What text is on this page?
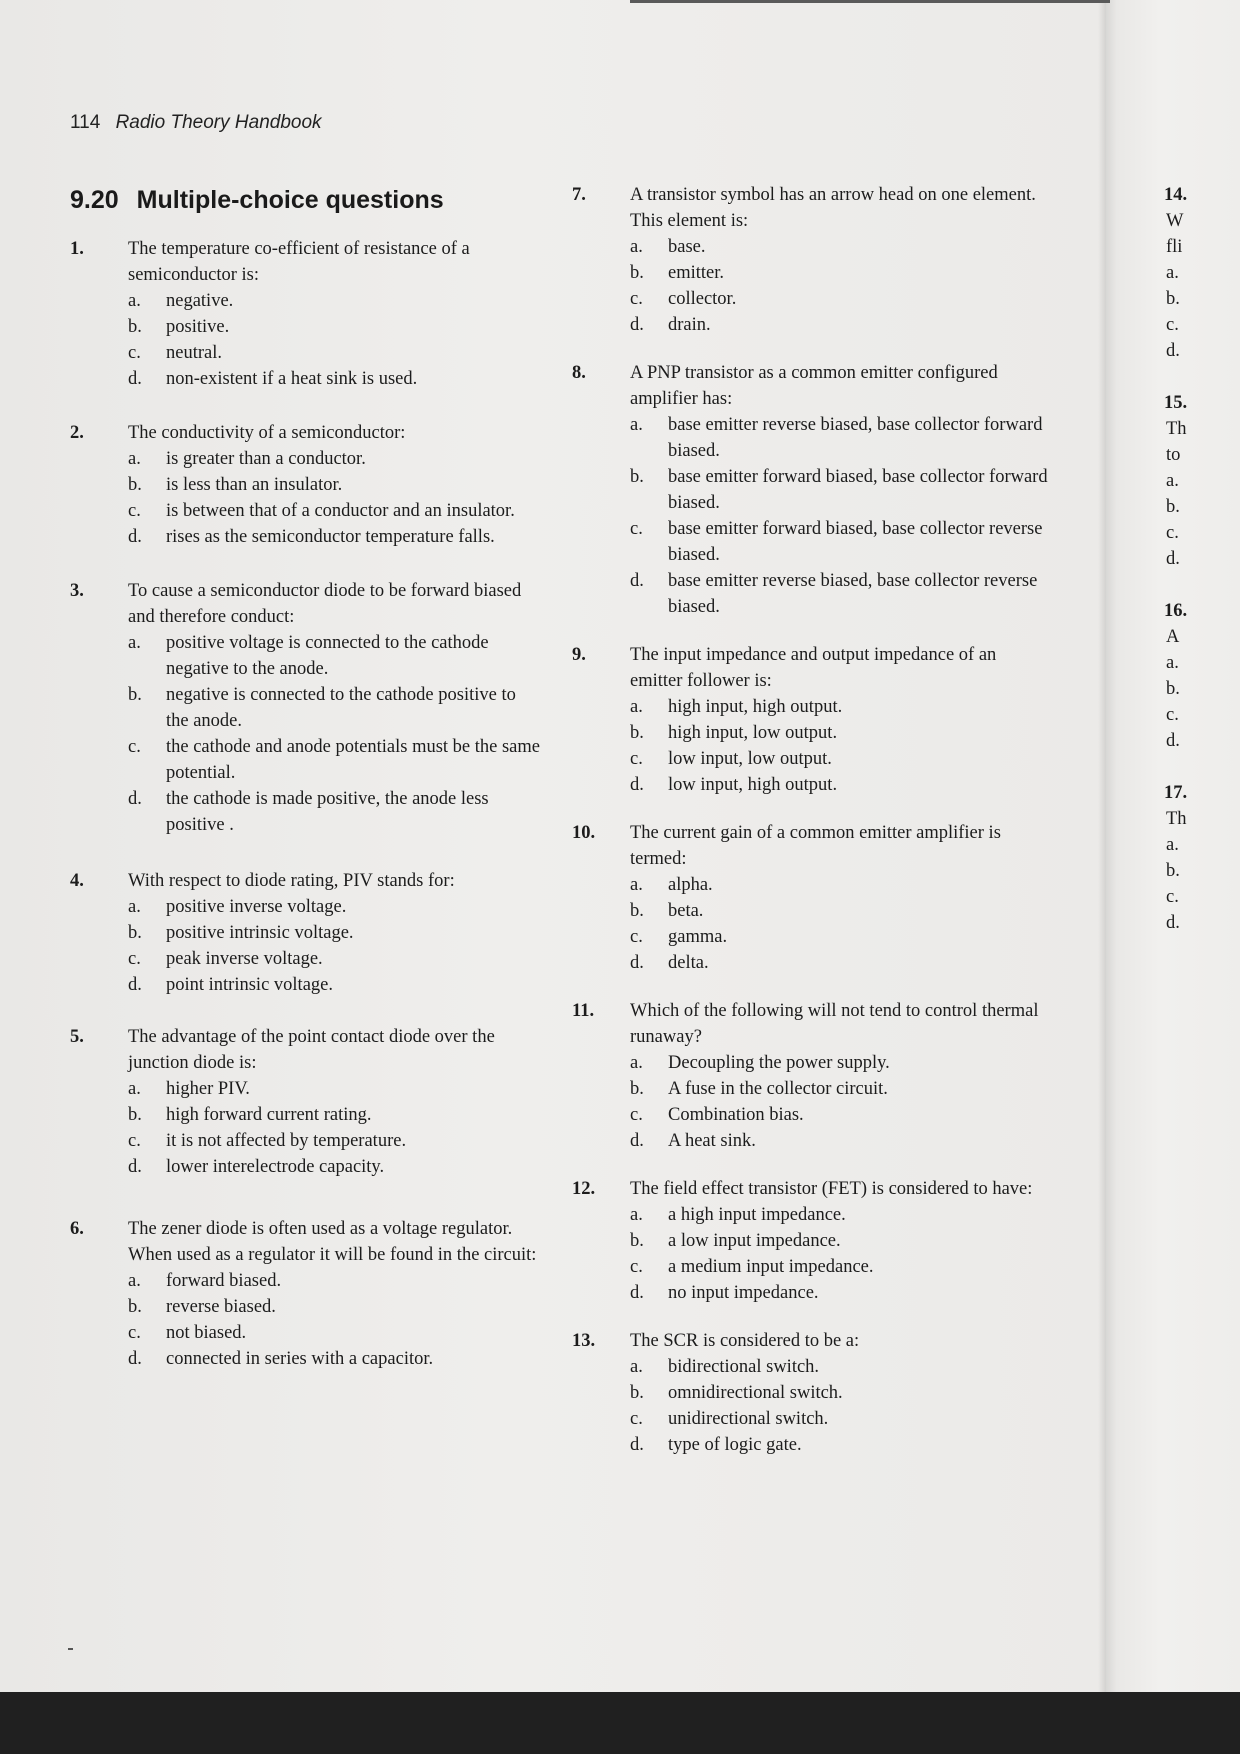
114 Radio Theory Handbook
9.20 Multiple-choice questions
1. The temperature co-efficient of resistance of a semiconductor is:
a. negative.
b. positive.
c. neutral.
d. non-existent if a heat sink is used.
2. The conductivity of a semiconductor:
a. is greater than a conductor.
b. is less than an insulator.
c. is between that of a conductor and an insulator.
d. rises as the semiconductor temperature falls.
3. To cause a semiconductor diode to be forward biased and therefore conduct:
a. positive voltage is connected to the cathode negative to the anode.
b. negative is connected to the cathode positive to the anode.
c. the cathode and anode potentials must be the same potential.
d. the cathode is made positive, the anode less positive .
4. With respect to diode rating, PIV stands for:
a. positive inverse voltage.
b. positive intrinsic voltage.
c. peak inverse voltage.
d. point intrinsic voltage.
5. The advantage of the point contact diode over the junction diode is:
a. higher PIV.
b. high forward current rating.
c. it is not affected by temperature.
d. lower interelectrode capacity.
6. The zener diode is often used as a voltage regulator. When used as a regulator it will be found in the circuit:
a. forward biased.
b. reverse biased.
c. not biased.
d. connected in series with a capacitor.
7. A transistor symbol has an arrow head on one element. This element is:
a. base.
b. emitter.
c. collector.
d. drain.
8. A PNP transistor as a common emitter configured amplifier has:
a. base emitter reverse biased, base collector forward biased.
b. base emitter forward biased, base collector forward biased.
c. base emitter forward biased, base collector reverse biased.
d. base emitter reverse biased, base collector reverse biased.
9. The input impedance and output impedance of an emitter follower is:
a. high input, high output.
b. high input, low output.
c. low input, low output.
d. low input, high output.
10. The current gain of a common emitter amplifier is termed:
a. alpha.
b. beta.
c. gamma.
d. delta.
11. Which of the following will not tend to control thermal runaway?
a. Decoupling the power supply.
b. A fuse in the collector circuit.
c. Combination bias.
d. A heat sink.
12. The field effect transistor (FET) is considered to have:
a. a high input impedance.
b. a low input impedance.
c. a medium input impedance.
d. no input impedance.
13. The SCR is considered to be a:
a. bidirectional switch.
b. omnidirectional switch.
c. unidirectional switch.
d. type of logic gate.
14.
W
fli
a.
b.
c.
d.
15.
Th
to
a.
b.
c.
d.
16.
A
a.
b.
c.
d.
17.
Th
a.
b.
c.
d.
